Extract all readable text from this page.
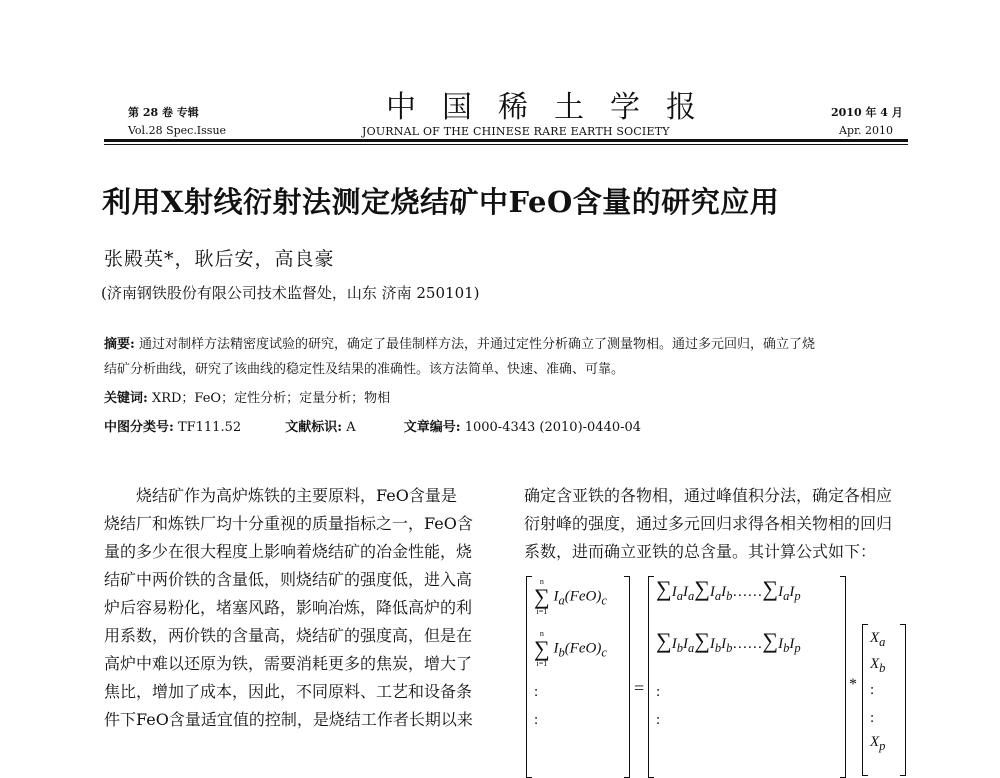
第 28 卷 专辑
Vol.28 Spec.Issue
中国稀土学报
JOURNAL OF THE CHINESE RARE EARTH SOCIETY
2010 年 4 月
Apr. 2010
利用X射线衍射法测定烧结矿中FeO含量的研究应用
张殿英*，耿后安，高良豪
(济南钢铁股份有限公司技术监督处，山东 济南 250101)
摘要: 通过对制样方法精密度试验的研究，确定了最佳制样方法，并通过定性分析确立了测量物相。通过多元回归，确立了烧
结矿分析曲线，研究了该曲线的稳定性及结果的准确性。该方法简单、快速、准确、可靠。
关键词: XRD；FeO；定性分析；定量分析；物相
中图分类号: TF111.52	文献标识: A	文章编号: 1000-4343 (2010)-0440-04
烧结矿作为高炉炼铁的主要原料，FeO含量是
烧结厂和炼铁厂均十分重视的质量指标之一，FeO含
量的多少在很大程度上影响着烧结矿的冶金性能，烧
结矿中两价铁的含量低，则烧结矿的强度低，进入高
炉后容易粉化，堵塞风路，影响冶炼，降低高炉的利
用系数，两价铁的含量高，烧结矿的强度高，但是在
高炉中难以还原为铁，需要消耗更多的焦炭，增大了
焦比，增加了成本，因此，不同原料、工艺和设备条
件下FeO含量适宜值的控制，是烧结工作者长期以来
确定含亚铁的各物相，通过峰值积分法，确定各相应
衍射峰的强度，通过多元回归求得各相关物相的回归
系数，进而确立亚铁的总含量。其计算公式如下：
n
∑
i=1
$I_a(FeO)_c$
n
∑
i=1
$I_b(FeO)_c$
:
:
=
$\sum I_aI_a\sum I_aI_b\dots\dots\sum I_aI_p$
$\sum I_bI_a\sum I_bI_b\dots\dots\sum I_bI_p$
:
:
*
$X_a$
$X_b$
:
:
$X_p$
